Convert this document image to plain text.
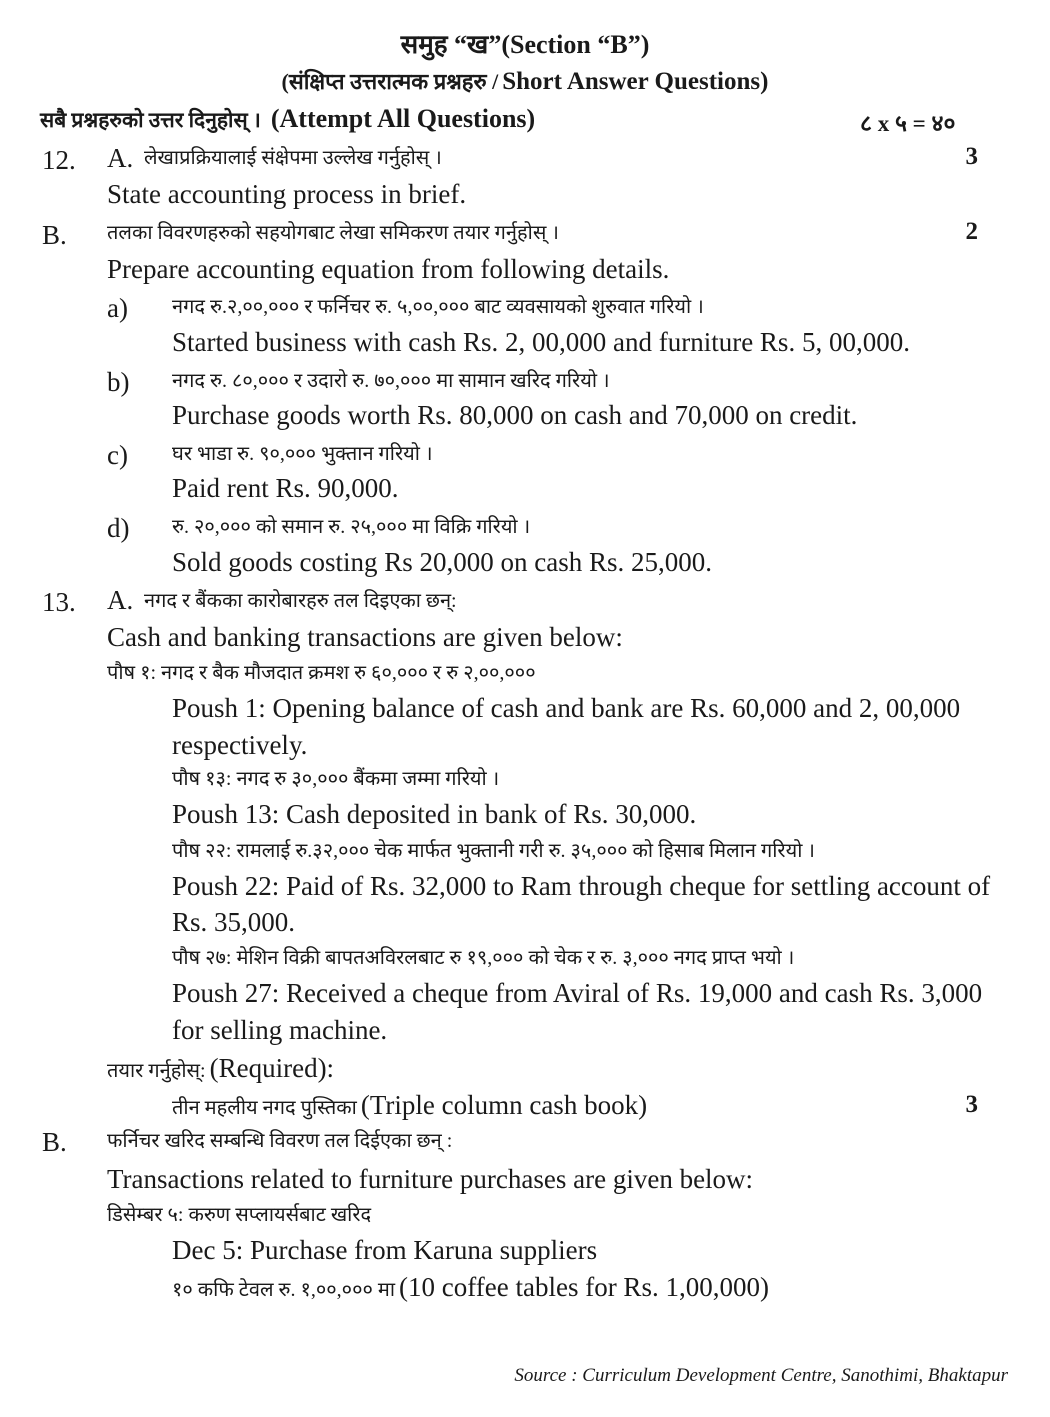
समुह “ख”(Section “B”)
(संक्षिप्त उत्तरात्मक प्रश्नहरु / Short Answer Questions)
सबै प्रश्नहरुको उत्तर दिनुहोस् । (Attempt All Questions)	८ x ५ = ४०
12. A. लेखाप्रक्रियालाई संक्षेपमा उल्लेख गर्नुहोस् ।	3
State accounting process in brief.
B. तलका विवरणहरुको सहयोगबाट लेखा समिकरण तयार गर्नुहोस् ।	2
Prepare accounting equation from following details.
a) नगद रु.२,००,००० र फर्निचर रु. ५,००,००० बाट व्यवसायको शुरुवात गरियो ।
Started business with cash Rs. 2, 00,000 and furniture Rs. 5, 00,000.
b) नगद रु. ८०,००० र उदारो रु. ७०,००० मा सामान खरिद गरियो ।
Purchase goods worth Rs. 80,000 on cash and 70,000 on credit.
c) घर भाडा रु. ९०,००० भुक्तान गरियो ।
Paid rent Rs. 90,000.
d) रु. २०,००० को समान रु. २५,००० मा विक्रि गरियो ।
Sold goods costing Rs 20,000 on cash Rs. 25,000.
13. A. नगद र बैंकका कारोबारहरु तल दिइएका छन्:
Cash and banking transactions are given below:
पौष १: नगद र बैक मौजदात क्रमश रु ६०,००० र रु २,००,०००
Poush 1: Opening balance of cash and bank are Rs. 60,000 and 2, 00,000
respectively.
पौष १३: नगद रु ३०,००० बैंकमा जम्मा गरियो ।
Poush 13: Cash deposited in bank of Rs. 30,000.
पौष २२: रामलाई रु.३२,००० चेक मार्फत भुक्तानी गरी रु. ३५,००० को हिसाब मिलान गरियो ।
Poush 22: Paid of Rs. 32,000 to Ram through cheque for settling account of
Rs. 35,000.
पौष २७: मेशिन विक्री बापतअविरलबाट रु १९,००० को चेक र रु. ३,००० नगद प्राप्त भयो ।
Poush 27: Received a cheque from Aviral of Rs. 19,000 and cash Rs. 3,000
for selling machine.
तयार गर्नुहोस्: (Required):
तीन महलीय नगद पुस्तिका (Triple column cash book)	3
B. फर्निचर खरिद सम्बन्धि विवरण तल दिईएका छन् :
Transactions related to furniture purchases are given below:
डिसेम्बर ५: करुण सप्लायर्सबाट खरिद
Dec 5: Purchase from Karuna suppliers
१० कफि टेवल रु. १,००,००० मा (10 coffee tables for Rs. 1,00,000)
Source : Curriculum Development Centre, Sanothimi, Bhaktapur
